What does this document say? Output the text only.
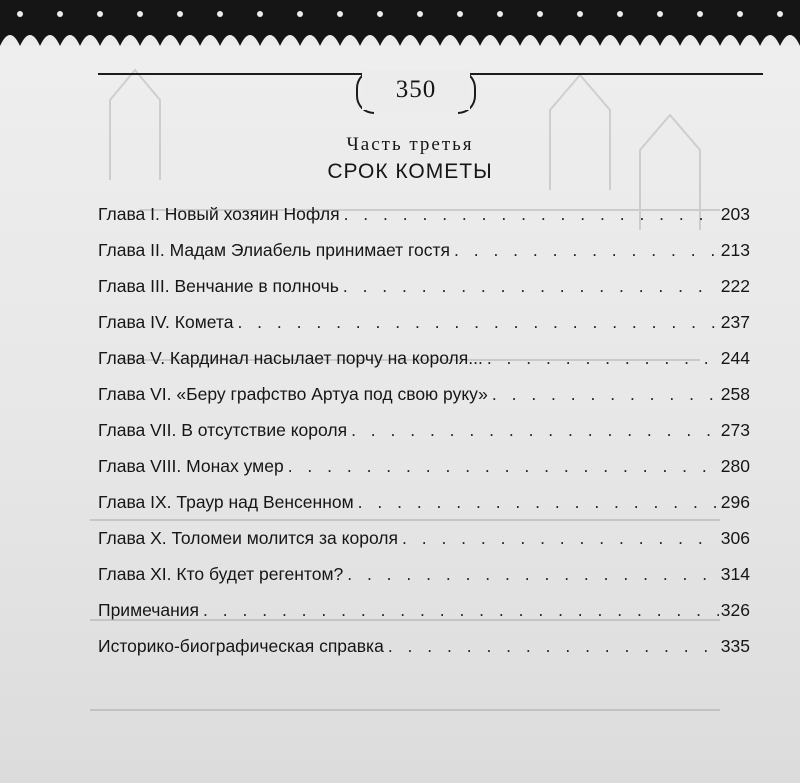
350
Часть третья
СРОК КОМЕТЫ
Глава I. Новый хозяин Нофля . . .	203
Глава II. Мадам Элиабель принимает гостя . . .	213
Глава III. Венчание в полночь . . .	222
Глава IV. Комета . . .	237
Глава V. Кардинал насылает порчу на короля... . . .	244
Глава VI. «Беру графство Артуа под свою руку» . . .	258
Глава VII. В отсутствие короля . . .	273
Глава VIII. Монах умер . . .	280
Глава IX. Траур над Венсенном . . .	296
Глава X. Толомеи молится за короля . . .	306
Глава XI. Кто будет регентом? . . .	314
Примечания . . .	326
Историко-биографическая справка . . .	335
